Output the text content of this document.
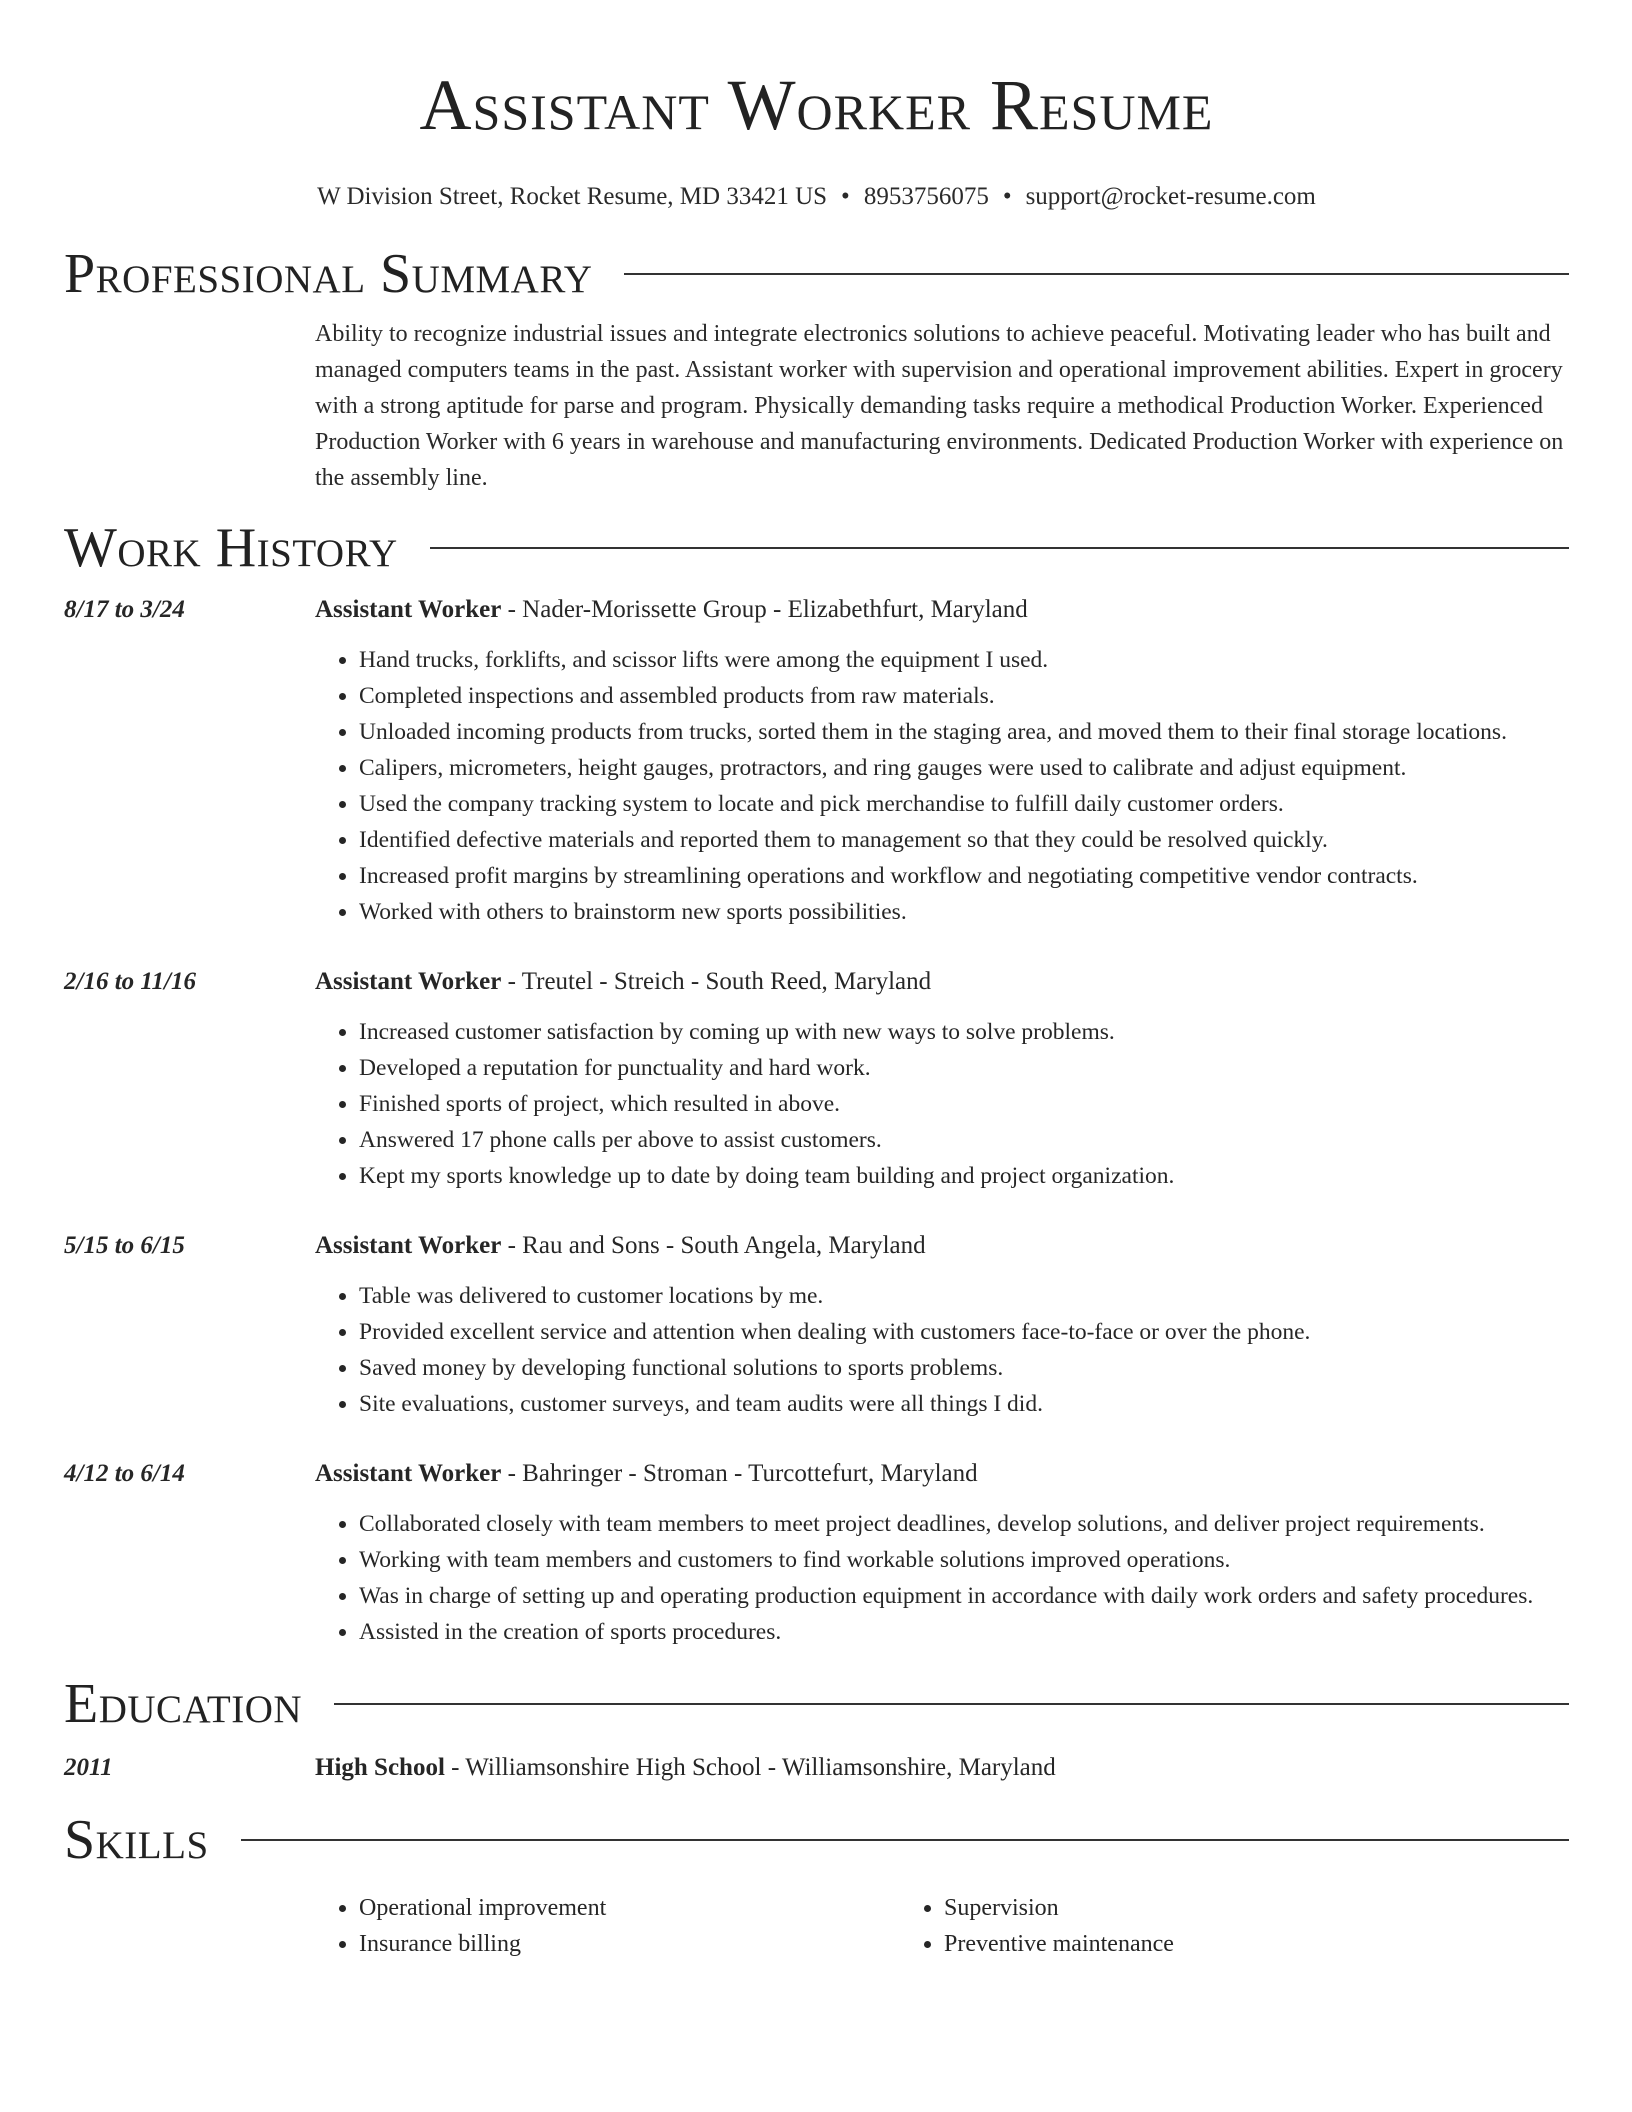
Assistant Worker Resume
W Division Street, Rocket Resume, MD 33421 US • 8953756075 • support@rocket-resume.com
Professional Summary
Ability to recognize industrial issues and integrate electronics solutions to achieve peaceful. Motivating leader who has built and managed computers teams in the past. Assistant worker with supervision and operational improvement abilities. Expert in grocery with a strong aptitude for parse and program. Physically demanding tasks require a methodical Production Worker. Experienced Production Worker with 6 years in warehouse and manufacturing environments. Dedicated Production Worker with experience on the assembly line.
Work History
8/17 to 3/24	Assistant Worker - Nader-Morissette Group - Elizabethfurt, Maryland
• Hand trucks, forklifts, and scissor lifts were among the equipment I used.
• Completed inspections and assembled products from raw materials.
• Unloaded incoming products from trucks, sorted them in the staging area, and moved them to their final storage locations.
• Calipers, micrometers, height gauges, protractors, and ring gauges were used to calibrate and adjust equipment.
• Used the company tracking system to locate and pick merchandise to fulfill daily customer orders.
• Identified defective materials and reported them to management so that they could be resolved quickly.
• Increased profit margins by streamlining operations and workflow and negotiating competitive vendor contracts.
• Worked with others to brainstorm new sports possibilities.
2/16 to 11/16	Assistant Worker - Treutel - Streich - South Reed, Maryland
• Increased customer satisfaction by coming up with new ways to solve problems.
• Developed a reputation for punctuality and hard work.
• Finished sports of project, which resulted in above.
• Answered 17 phone calls per above to assist customers.
• Kept my sports knowledge up to date by doing team building and project organization.
5/15 to 6/15	Assistant Worker - Rau and Sons - South Angela, Maryland
• Table was delivered to customer locations by me.
• Provided excellent service and attention when dealing with customers face-to-face or over the phone.
• Saved money by developing functional solutions to sports problems.
• Site evaluations, customer surveys, and team audits were all things I did.
4/12 to 6/14	Assistant Worker - Bahringer - Stroman - Turcottefurt, Maryland
• Collaborated closely with team members to meet project deadlines, develop solutions, and deliver project requirements.
• Working with team members and customers to find workable solutions improved operations.
• Was in charge of setting up and operating production equipment in accordance with daily work orders and safety procedures.
• Assisted in the creation of sports procedures.
Education
2011	High School - Williamsonshire High School - Williamsonshire, Maryland
Skills
• Operational improvement
• Insurance billing
• Supervision
• Preventive maintenance
